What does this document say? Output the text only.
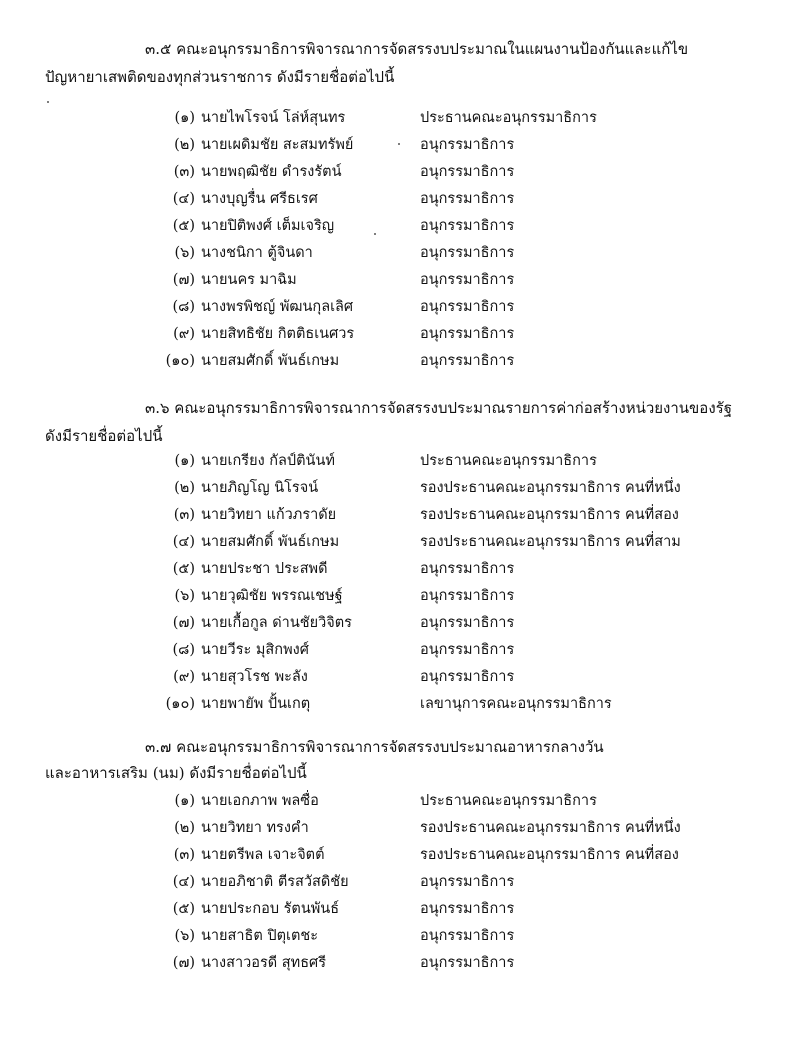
๓.๕ คณะอนุกรรมาธิการพิจารณาการจัดสรรงบประมาณในแผนงานป้องกันและแก้ไข
ปัญหายาเสพติดของทุกส่วนราชการ ดังมีรายชื่อต่อไปนี้
(๑) นายไพโรจน์ โล่ห์สุนทร	ประธานคณะอนุกรรมาธิการ
(๒) นายเผดิมชัย สะสมทรัพย์	อนุกรรมาธิการ
(๓) นายพฤฒิชัย ดำรงรัตน์	อนุกรรมาธิการ
(๔) นางบุญรื่น ศรีธเรศ	อนุกรรมาธิการ
(๕) นายปิติพงศ์ เต็มเจริญ	อนุกรรมาธิการ
(๖) นางชนิกา ตู้จินดา	อนุกรรมาธิการ
(๗) นายนคร มาฉิม	อนุกรรมาธิการ
(๘) นางพรพิชญ์ พัฒนกุลเลิศ	อนุกรรมาธิการ
(๙) นายสิทธิชัย กิตติธเนศวร	อนุกรรมาธิการ
(๑๐) นายสมศักดิ์ พันธ์เกษม	อนุกรรมาธิการ
๓.๖ คณะอนุกรรมาธิการพิจารณาการจัดสรรงบประมาณรายการค่าก่อสร้างหน่วยงานของรัฐ
ดังมีรายชื่อต่อไปนี้
(๑) นายเกรียง กัลป์ตินันท์	ประธานคณะอนุกรรมาธิการ
(๒) นายภิญโญ นิโรจน์	รองประธานคณะอนุกรรมาธิการ คนที่หนึ่ง
(๓) นายวิทยา แก้วภราดัย	รองประธานคณะอนุกรรมาธิการ คนที่สอง
(๔) นายสมศักดิ์ พันธ์เกษม	รองประธานคณะอนุกรรมาธิการ คนที่สาม
(๕) นายประชา ประสพดี	อนุกรรมาธิการ
(๖) นายวุฒิชัย พรรณเชษฐ์	อนุกรรมาธิการ
(๗) นายเกื้อกูล ด่านชัยวิจิตร	อนุกรรมาธิการ
(๘) นายวีระ มุสิกพงศ์	อนุกรรมาธิการ
(๙) นายสุวโรช พะลัง	อนุกรรมาธิการ
(๑๐) นายพายัพ ปั้นเกตุ	เลขานุการคณะอนุกรรมาธิการ
๓.๗ คณะอนุกรรมาธิการพิจารณาการจัดสรรงบประมาณอาหารกลางวัน
และอาหารเสริม (นม) ดังมีรายชื่อต่อไปนี้
(๑) นายเอกภาพ พลซื่อ	ประธานคณะอนุกรรมาธิการ
(๒) นายวิทยา ทรงคำ	รองประธานคณะอนุกรรมาธิการ คนที่หนึ่ง
(๓) นายตรีพล เจาะจิตต์	รองประธานคณะอนุกรรมาธิการ คนที่สอง
(๔) นายอภิชาติ ตีรสวัสดิชัย	อนุกรรมาธิการ
(๕) นายประกอบ รัตนพันธ์	อนุกรรมาธิการ
(๖) นายสาธิต ปิตุเตชะ	อนุกรรมาธิการ
(๗) นางสาวอรดี สุทธศรี	อนุกรรมาธิการ
